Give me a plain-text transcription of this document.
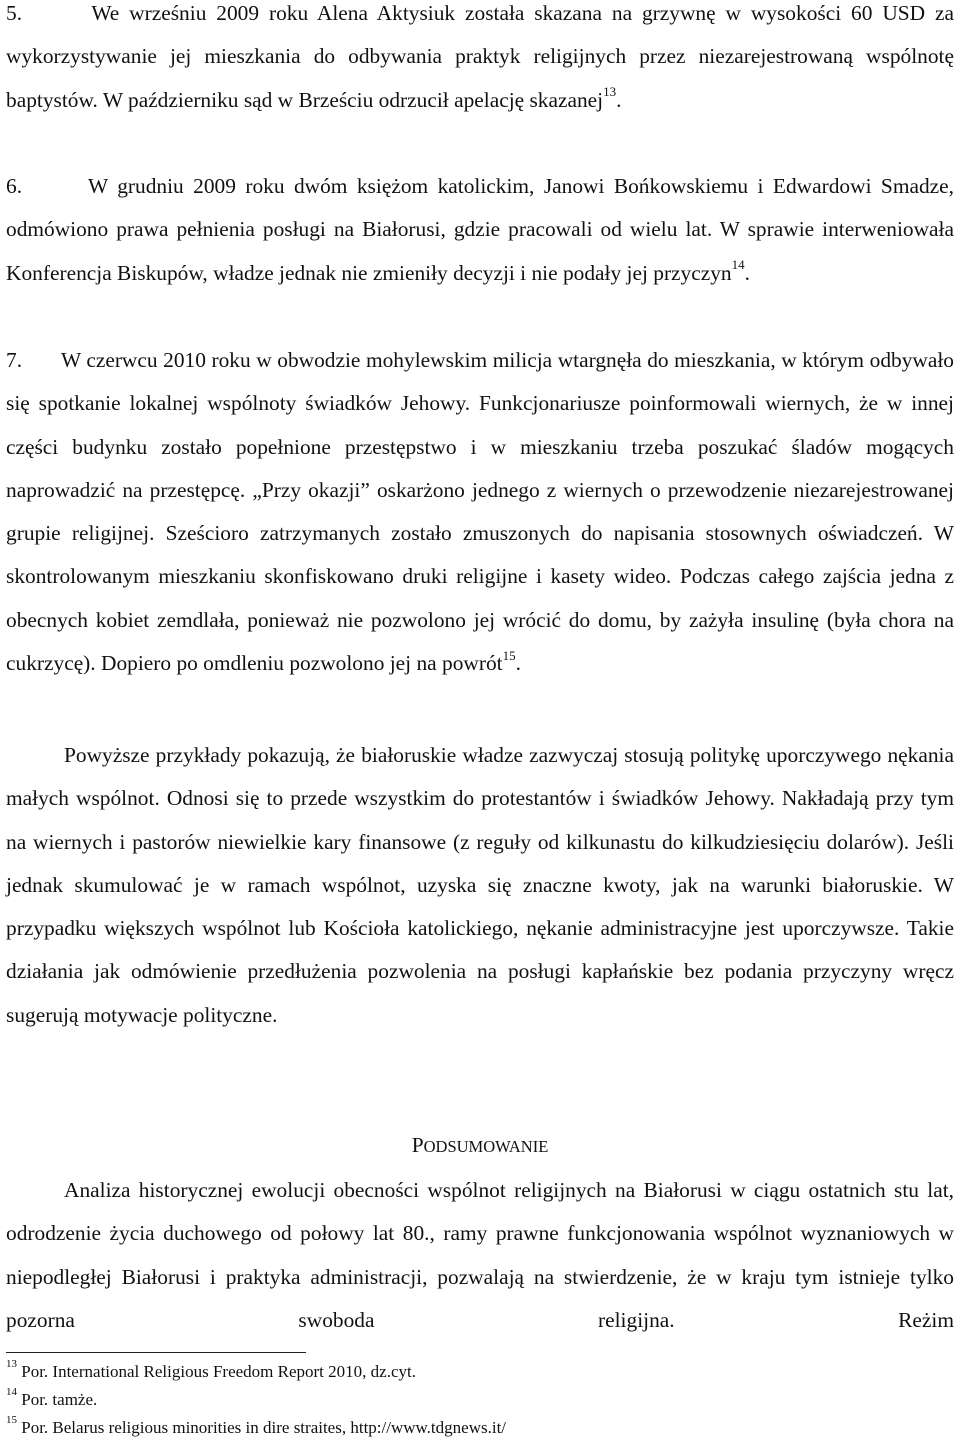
5.	We wrześniu 2009 roku Alena Aktysiuk została skazana na grzywnę w wysokości 60 USD za wykorzystywanie jej mieszkania do odbywania praktyk religijnych przez niezarejestrowaną wspólnotę baptystów. W październiku sąd w Brześciu odrzucił apelację skazanej$^{13}$.

6.	W grudniu 2009 roku dwóm księżom katolickim, Janowi Bońkowskiemu i Edwardowi Smadze, odmówiono prawa pełnienia posługi na Białorusi, gdzie pracowali od wielu lat. W sprawie interweniowała Konferencja Biskupów, władze jednak nie zmieniły decyzji i nie podały jej przyczyn$^{14}$.

7. W czerwcu 2010 roku w obwodzie mohylewskim milicja wtargnęła do mieszkania, w którym odbywało się spotkanie lokalnej wspólnoty świadków Jehowy. Funkcjonariusze poinformowali wiernych, że w innej części budynku zostało popełnione przestępstwo i w mieszkaniu trzeba poszukać śladów mogących naprowadzić na przestępcę. „Przy okazji” oskarżono jednego z wiernych o przewodzenie niezarejestrowanej grupie religijnej. Sześcioro zatrzymanych zostało zmuszonych do napisania stosownych oświadczeń. W skontrolowanym mieszkaniu skonfiskowano druki religijne i kasety wideo. Podczas całego zajścia jedna z obecnych kobiet zemdlała, ponieważ nie pozwolono jej wrócić do domu, by zażyła insulinę (była chora na cukrzycę). Dopiero po omdleniu pozwolono jej na powrót$^{15}$.

Powyższe przykłady pokazują, że białoruskie władze zazwyczaj stosują politykę uporczywego nękania małych wspólnot. Odnosi się to przede wszystkim do protestantów i świadków Jehowy. Nakładają przy tym na wiernych i pastorów niewielkie kary finansowe (z reguły od kilkunastu do kilkudziesięciu dolarów). Jeśli jednak skumulować je w ramach wspólnot, uzyska się znaczne kwoty, jak na warunki białoruskie. W przypadku większych wspólnot lub Kościoła katolickiego, nękanie administracyjne jest uporczywsze. Takie działania jak odmówienie przedłużenia pozwolenia na posługi kapłańskie bez podania przyczyny wręcz sugerują motywacje polityczne.

PODSUMOWANIE

Analiza historycznej ewolucji obecności wspólnot religijnych na Białorusi w ciągu ostatnich stu lat, odrodzenie życia duchowego od połowy lat 80., ramy prawne funkcjonowania wspólnot wyznaniowych w niepodległej Białorusi i praktyka administracji, pozwalają na stwierdzenie, że w kraju tym istnieje tylko pozorna swoboda religijna. Reżim

$^{13}$ Por. International Religious Freedom Report 2010, dz.cyt.
$^{14}$ Por. tamże.
$^{15}$ Por. Belarus religious minorities in dire straites, http://www.tdgnews.it/
